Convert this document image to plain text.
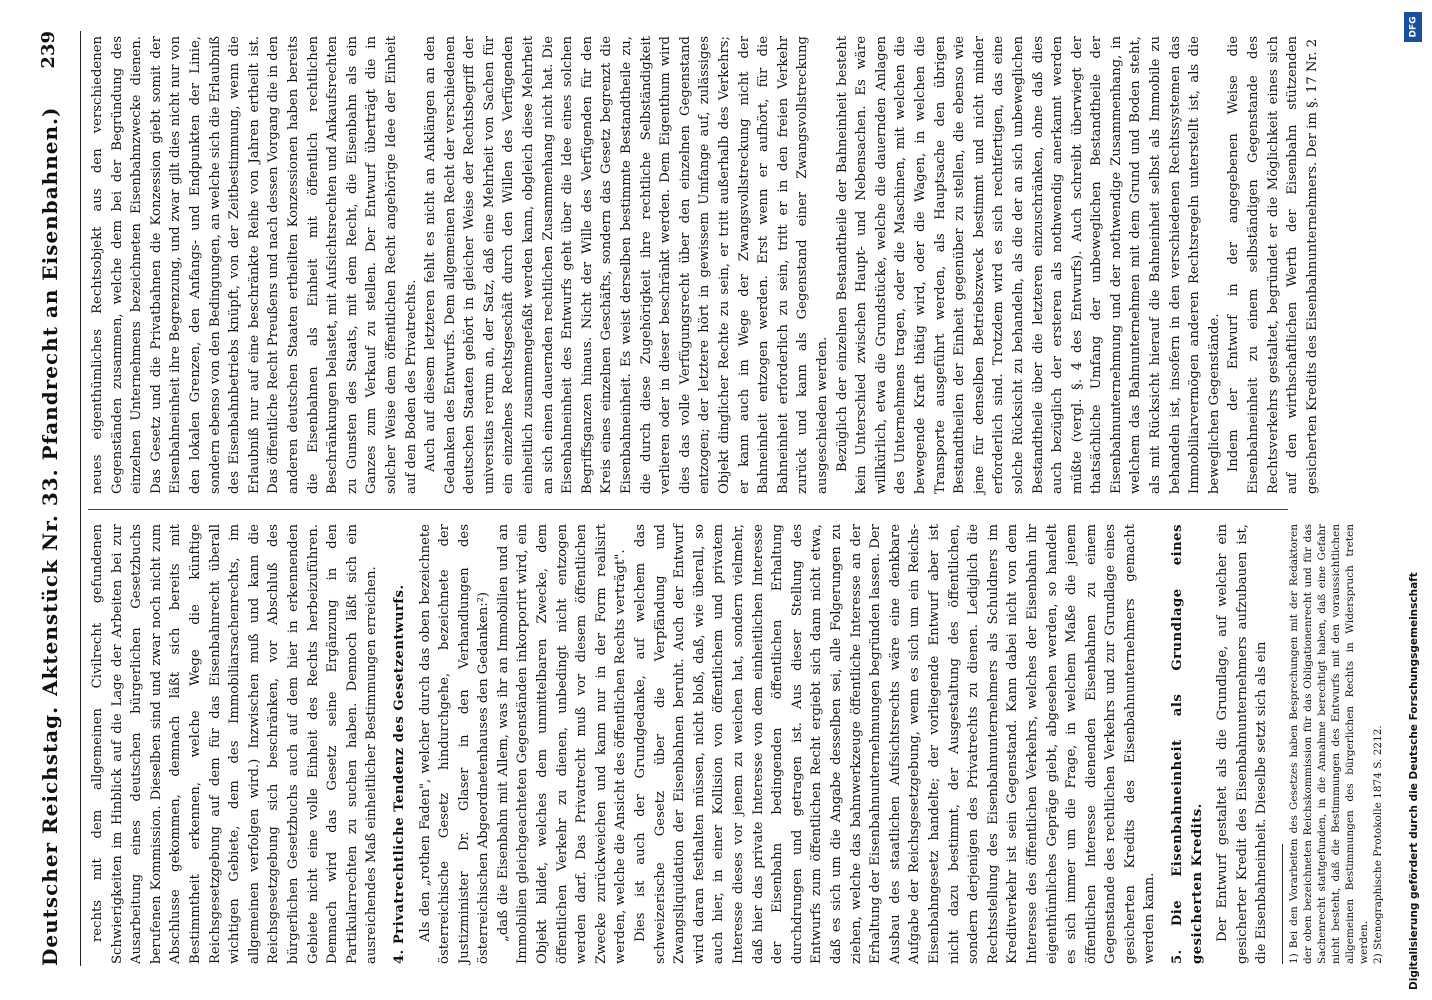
Deutscher Reichstag.
Aktenstück Nr. 33. Pfandrecht an Eisenbahnen.)
239

rechts mit dem allgemeinen Civilrecht gefundenen Schwierigkeiten im Hinblick auf die Lage der Arbeiten bei zur Ausarbeitung eines deutschen bürgerlichen Gesetzbuchs berufenen Kommission. Dieselben sind und zwar noch nicht zum Abschlusse gekommen, demnach läßt sich bereits mit Bestimmtheit erkennen, welche Wege die künftige Reichsgesetzgebung auf dem für das Eisenbahnrecht überall wichtigen Gebiete, dem des Immobiliarsachenrechts, im allgemeinen verfolgen wird.) Inzwischen muß und kann die Reichsgesetzgebung sich beschränken, vor Abschluß des bürgerlichen Gesetzbuchs auch auf dem hier in erkennenden Gebiete nicht eine volle Einheit des Rechts herbeizuführen. Demnach wird das Gesetz seine Ergänzung in den Partikularrechten zu suchen haben. Dennoch läßt sich ein ausreichendes Maß einheitlicher Bestimmungen erreichen. 4. Privatrechtliche Tendenz des Gesetzentwurfs. Als den „rothen Faden", welcher durch das oben bezeichnete österreichische Gesetz hindurchgehe, bezeichnete der Justizminister Dr. Glaser in den Verhandlungen des österreichischen Abgeordnetenhauses den Gedanken:²) „daß die Eisenbahn mit Allem, was ihr an Immobilien und an Immobilien gleichgeachteten Gegenständen inkorporirt wird, ein Objekt bildet, welches dem unmittelbaren Zwecke, dem öffentlichen Verkehr zu dienen, unbedingt nicht entzogen werden darf. Das Privatrecht muß vor diesem öffentlichen Zwecke zurückweichen und kann nur in der Form realisirt werden, welche die Ansicht des öffentlichen Rechts verträgt". Dies ist auch der Grundgedanke, auf welchem das schweizerische Gesetz über die Verpfändung und Zwangsliquidation der Eisenbahnen beruht. Auch der Entwurf wird daran festhalten müssen, nicht bloß, daß, wie überall, so auch hier, in einer Kollision von öffentlichem und privatem Interesse dieses vor jenem zu weichen hat, sondern vielmehr, daß hier das private Interesse von dem einheitlichen Interesse der Eisenbahn bedingenden öffentlichen Erhaltung durchdrungen und getragen ist. Aus dieser Stellung des Entwurfs zum öffentlichen Recht ergiebt sich dann nicht etwa, daß es sich um die Angabe desselben sei, alle Folgerungen zu ziehen, welche das bahnwerkzeuge öffentliche Interesse an der Erhaltung der Eisenbahnunternehmungen begründen lassen. Der Ausbau des staatlichen Aufsichtsrechts wäre eine denkbare Aufgabe der Reichsgesetzgebung, wenn es sich um ein Reichs-Eisenbahngesetz handelte; der vorliegende Entwurf aber ist nicht dazu bestimmt, der Ausgestaltung des öffentlichen, sondern derjenigen des Privatrechts zu dienen. Lediglich die Rechtsstellung des Eisenbahnunternehmers als Schuldners im Kreditverkehr ist sein Gegenstand. Kann dabei nicht von dem Interesse des öffentlichen Verkehrs, welches der Eisenbahn ihr eigenthümliches Gepräge giebt, abgesehen werden, so handelt es sich immer um die Frage, in welchem Maße die jenem öffentlichen Interesse dienenden Eisenbahnen zu einem Gegenstande des rechtlichen Verkehrs und zur Grundlage eines gesicherten Kredits des Eisenbahnunternehmers gemacht werden kann. 5. Die Eisenbahneinheit als Grundlage eines gesicherten Kredits. Der Entwurf gestaltet als die Grundlage, auf welcher ein gesicherter Kredit des Eisenbahnunternehmers aufzubauen ist, die Eisenbahneinheit. Dieselbe setzt sich als ein 1) Bei den Vorarbeiten des Gesetzes haben Besprechungen mit der Redaktoren der oben bezeichneten Reichskommission für das Obligationenrecht und für das Sachenrecht stattgefunden, in die Annahme berechtigt haben, daß eine Gefahr nicht besteht, daß die Bestimmungen des Entwurfs mit den voraussichtlichen allgemeinen Bestimmungen des bürgerlichen Rechts in Widerspruch treten werden. 2) Stenographische Protokolle 1874 S. 2212.

neues eigenthümliches Rechtsobjekt aus den verschiedenen Gegenständen zusammen, welche dem bei der Begründung des einzelnen Unternehmens bezeichneten Eisenbahnzwecke dienen. Das Gesetz und die Privatbahnen die Konzession giebt somit der Eisenbahneinheit ihre Begrenzung, und zwar gilt dies nicht nur von den lokalen Grenzen, den Anfangs- und Endpunkten der Linie, sondern ebenso von den Bedingungen, an welche sich die Erlaubniß des Eisenbahnbetriebs knüpft, von der Zeitbestimmung, wenn die Erlaubniß nur auf eine beschränkte Reihe von Jahren ertheilt ist. Das öffentliche Recht Preußens und nach dessen Vorgang die in den anderen deutschen Staaten ertheilten Konzessionen haben bereits die Eisenbahnen als Einheit mit öffentlich rechtlichen Beschränkungen belastet, mit Aufsichtsrechten und Ankaufsrechten zu Gunsten des Staats, mit dem Recht, die Eisenbahn als ein Ganzes zum Verkauf zu stellen. Der Entwurf überträgt die in solcher Weise dem öffentlichen Recht angehörige Idee der Einheit auf den Boden des Privatrechts. Auch auf diesem letzteren fehlt es nicht an Anklängen an den Gedanken des Entwurfs. Dem allgemeinen Recht der verschiedenen deutschen Staaten gehört in gleicher Weise der Rechtsbegriff der universitas rerum an, der Satz, daß eine Mehrheit von Sachen für ein einzelnes Rechtsgeschäft durch den Willen des Verfügenden einheitlich zusammengefaßt werden kann, obgleich diese Mehrheit an sich einen dauernden rechtlichen Zusammenhang nicht hat. Die Eisenbahneinheit des Entwurfs geht über die Idee eines solchen Begriffsganzen hinaus. Nicht der Wille des Verfügenden für den Kreis eines einzelnen Geschäfts, sondern das Gesetz begrenzt die Eisenbahneinheit. Es weist derselben bestimmte Bestandtheile zu, die durch diese Zugehörigkeit ihre rechtliche Selbständigkeit verlieren oder in dieser beschränkt werden. Dem Eigenthum wird dies das volle Verfügungsrecht über den einzelnen Gegenstand entzogen; der letztere hört in gewissem Umfange auf, zulässiges Objekt dinglicher Rechte zu sein, er tritt außerhalb des Verkehrs; er kann auch im Wege der Zwangsvollstreckung nicht der Bahneinheit entzogen werden. Erst wenn er aufhört, für die Bahneinheit erforderlich zu sein, tritt er in den freien Verkehr zurück und kann als Gegenstand einer Zwangsvollstreckung ausgeschieden werden. Bezüglich der einzelnen Bestandtheile der Bahneinheit besteht kein Unterschied zwischen Haupt- und Nebensachen. Es wäre willkürlich, etwa die Grundstücke, welche die dauernden Anlagen des Unternehmens tragen, oder die Maschinen, mit welchen die bewegende Kraft thätig wird, oder die Wagen, in welchen die Transporte ausgeführt werden, als Hauptsache den übrigen Bestandtheilen der Einheit gegenüber zu stellen, die ebenso wie jene für denselben Betriebszweck bestimmt und nicht minder erforderlich sind. Trotzdem wird es sich rechtfertigen, das eine solche Rücksicht zu behandeln, als die der an sich unbeweglichen Bestandtheile über die letzteren einzuschränken, ohne daß dies auch bezüglich der ersteren als nothwendig anerkannt werden müßte (vergl. §. 4 des Entwurfs). Auch schreibt überwiegt der thatsächliche Umfang der unbeweglichen Bestandtheile der Eisenbahnunternehmung und der nothwendige Zusammenhang, in welchem das Bahnunternehmen mit dem Grund und Boden steht, als mit Rücksicht hierauf die Bahneinheit selbst als Immobile zu behandeln ist, insofern in den verschiedenen Rechtssystemen das Immobiliarvermögen anderen Rechtsregeln unterstellt ist, als die beweglichen Gegenstände. Indem der Entwurf in der angegebenen Weise die Eisenbahneinheit zu einem selbständigen Gegenstande des Rechtsverkehrs gestaltet, begründet er die Möglichkeit eines sich auf den wirthschaftlichen Werth der Eisenbahn stützenden gesicherten Kredits des Eisenbahnunternehmers. Der im §. 17 Nr. 2

Digitalisierung gefördert durch die Deutsche Forschungsgemeinschaft
DFG
